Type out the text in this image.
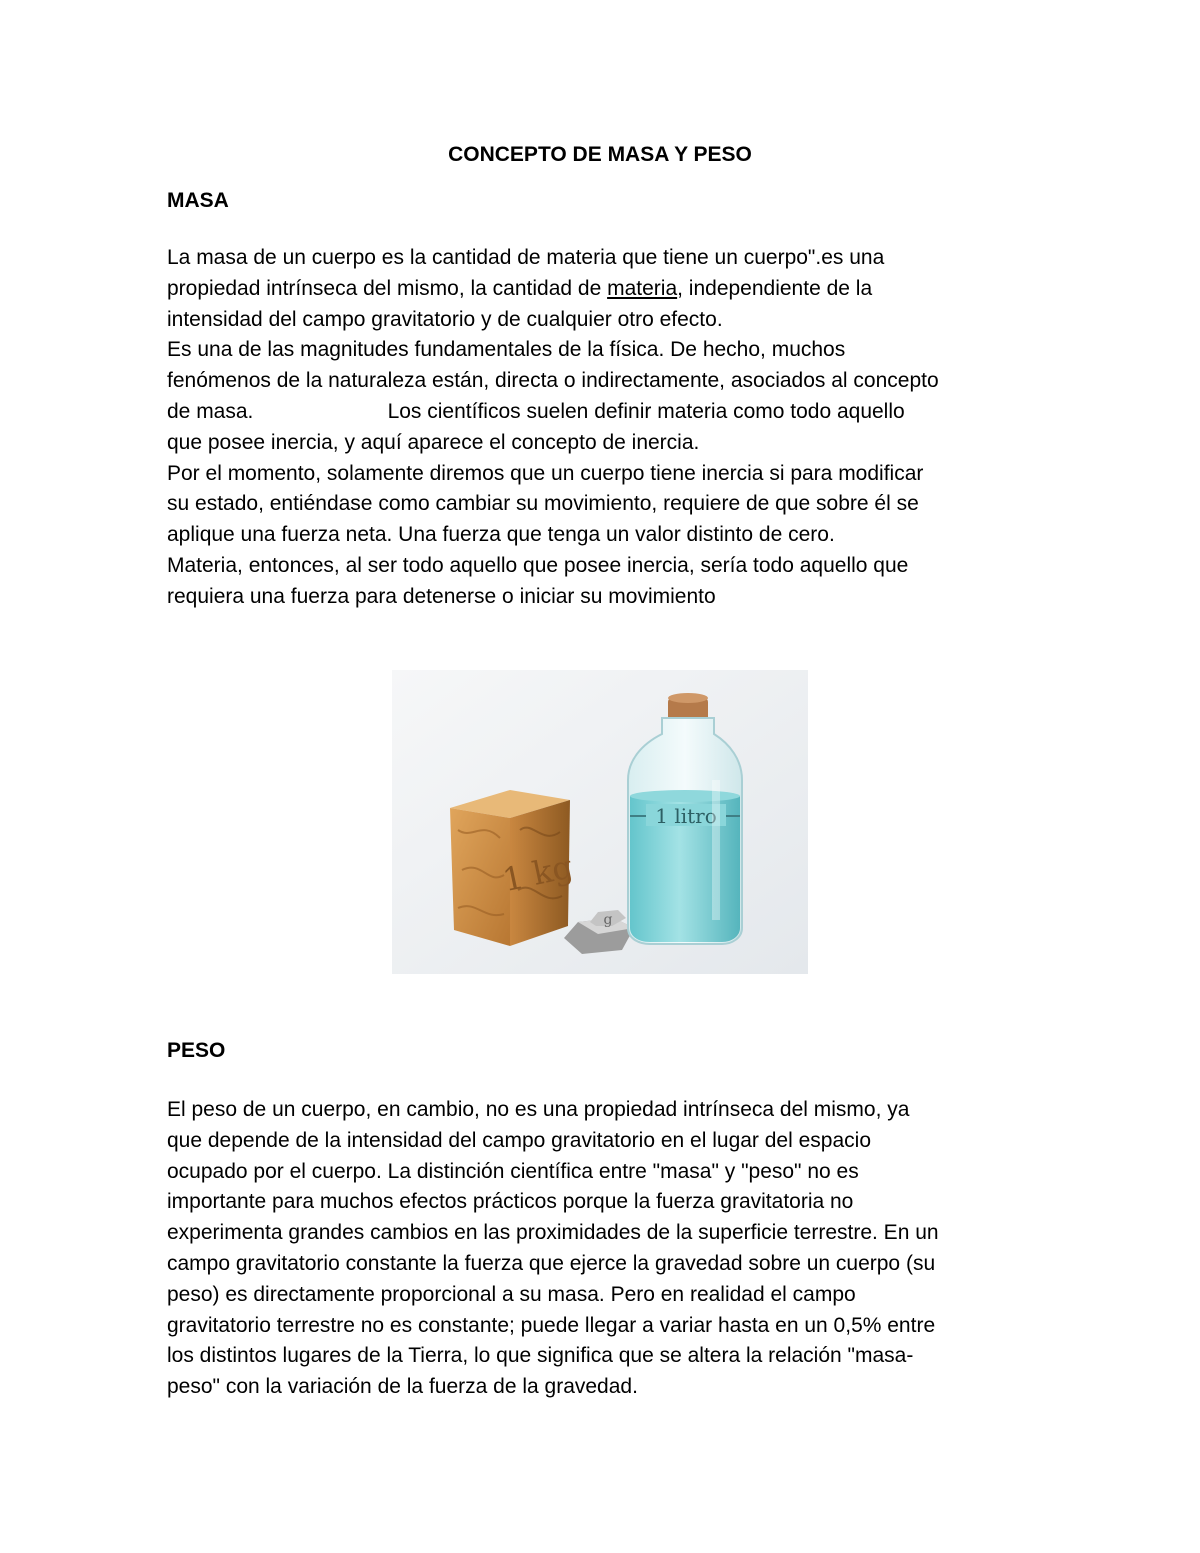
CONCEPTO DE MASA Y PESO
MASA
La masa de un cuerpo es la cantidad de materia que tiene un cuerpo".es una
propiedad intrínseca del mismo, la cantidad de materia, independiente de la
intensidad del campo gravitatorio y de cualquier otro efecto.
Es una de las magnitudes fundamentales de la física. De hecho, muchos
fenómenos de la naturaleza están, directa o indirectamente, asociados al concepto
de masa.                       Los científicos suelen definir materia como todo aquello
que posee inercia, y aquí aparece el concepto de inercia.
Por el momento, solamente diremos que un cuerpo tiene inercia si para modificar
su estado, entiéndase como cambiar su movimiento, requiere de que sobre él se
aplique una fuerza neta. Una fuerza que tenga un valor distinto de cero.
Materia, entonces, al ser todo aquello que posee inercia, sería todo aquello que
requiera una fuerza para detenerse o iniciar su movimiento
1 kg
g
1 litro
PESO
El peso de un cuerpo, en cambio, no es una propiedad intrínseca del mismo, ya
que depende de la intensidad del campo gravitatorio en el lugar del espacio
ocupado por el cuerpo. La distinción científica entre "masa" y "peso" no es
importante para muchos efectos prácticos porque la fuerza gravitatoria no
experimenta grandes cambios en las proximidades de la superficie terrestre. En un
campo gravitatorio constante la fuerza que ejerce la gravedad sobre un cuerpo (su
peso) es directamente proporcional a su masa. Pero en realidad el campo
gravitatorio terrestre no es constante; puede llegar a variar hasta en un 0,5% entre
los distintos lugares de la Tierra, lo que significa que se altera la relación "masa-
peso" con la variación de la fuerza de la gravedad.
